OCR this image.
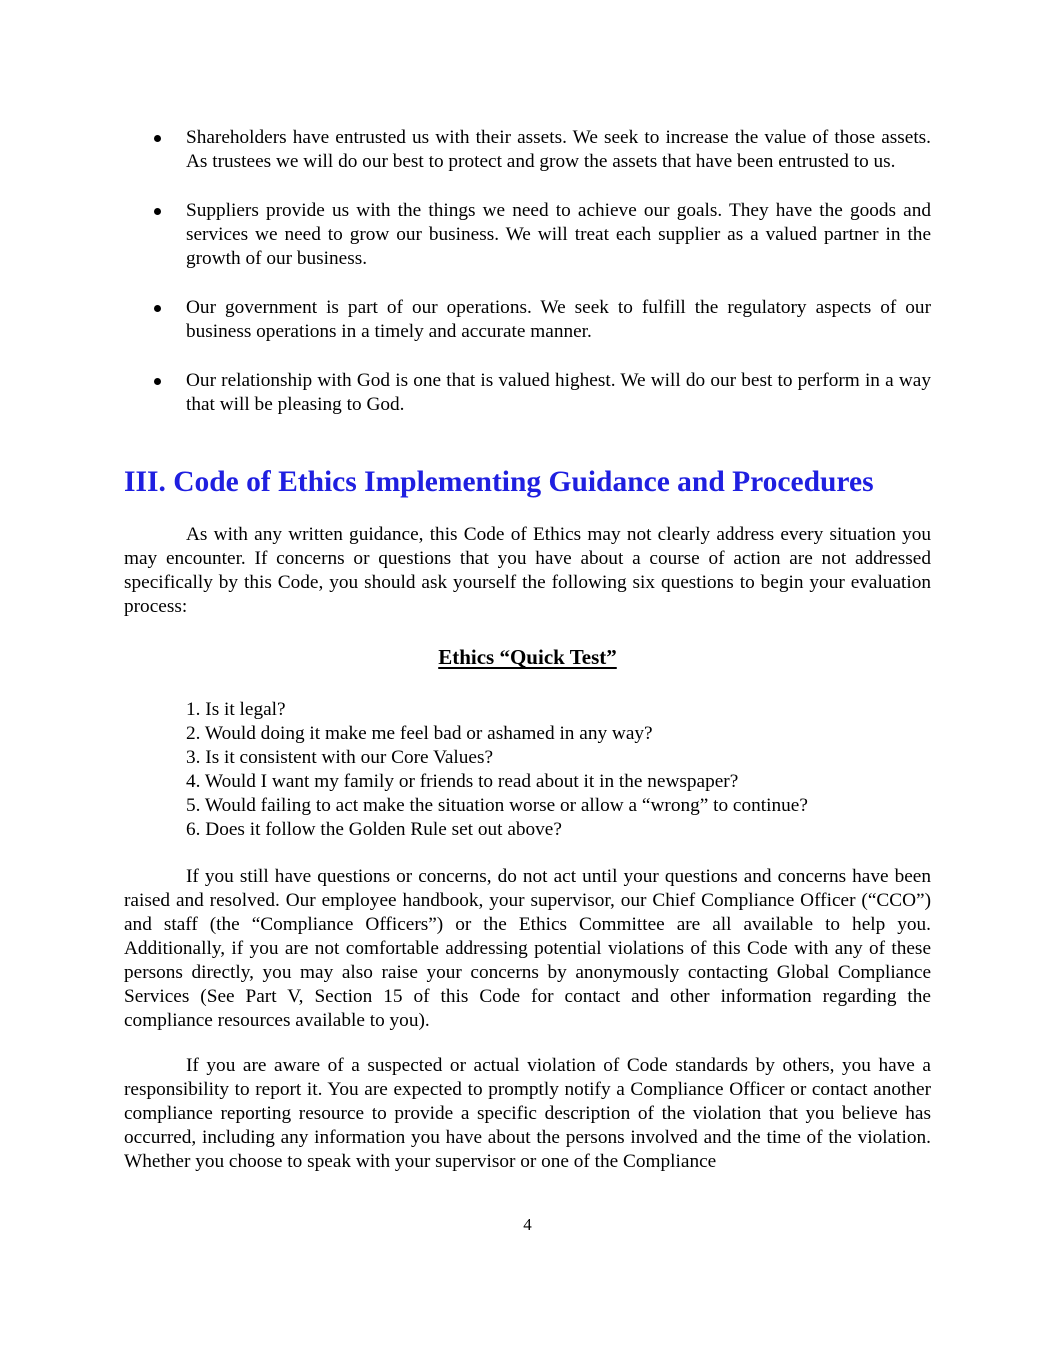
Shareholders have entrusted us with their assets. We seek to increase the value of those assets. As trustees we will do our best to protect and grow the assets that have been entrusted to us.
Suppliers provide us with the things we need to achieve our goals. They have the goods and services we need to grow our business. We will treat each supplier as a valued partner in the growth of our business.
Our government is part of our operations. We seek to fulfill the regulatory aspects of our business operations in a timely and accurate manner.
Our relationship with God is one that is valued highest. We will do our best to perform in a way that will be pleasing to God.
III. Code of Ethics Implementing Guidance and Procedures

As with any written guidance, this Code of Ethics may not clearly address every situation you may encounter. If concerns or questions that you have about a course of action are not addressed specifically by this Code, you should ask yourself the following six questions to begin your evaluation process:

Ethics “Quick Test”
1. Is it legal?
2. Would doing it make me feel bad or ashamed in any way?
3. Is it consistent with our Core Values?
4. Would I want my family or friends to read about it in the newspaper?
5. Would failing to act make the situation worse or allow a “wrong” to continue?
6. Does it follow the Golden Rule set out above?

If you still have questions or concerns, do not act until your questions and concerns have been raised and resolved. Our employee handbook, your supervisor, our Chief Compliance Officer (“CCO”) and staff (the “Compliance Officers”) or the Ethics Committee are all available to help you. Additionally, if you are not comfortable addressing potential violations of this Code with any of these persons directly, you may also raise your concerns by anonymously contacting Global Compliance Services (See Part V, Section 15 of this Code for contact and other information regarding the compliance resources available to you).

If you are aware of a suspected or actual violation of Code standards by others, you have a responsibility to report it. You are expected to promptly notify a Compliance Officer or contact another compliance reporting resource to provide a specific description of the violation that you believe has occurred, including any information you have about the persons involved and the time of the violation. Whether you choose to speak with your supervisor or one of the Compliance

4
